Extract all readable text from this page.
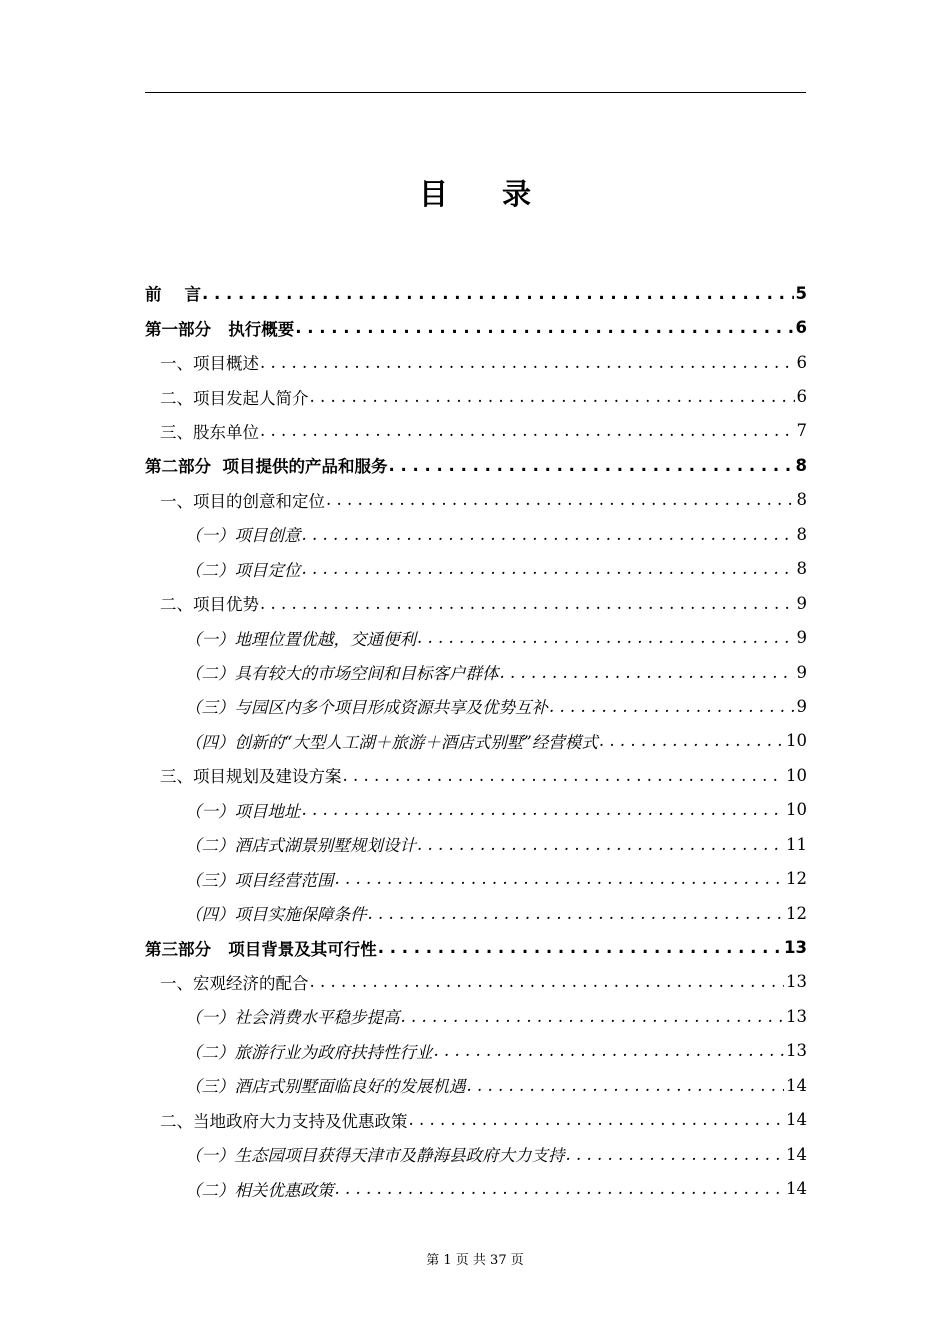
目 录
前    言 . . .	5
第一部分   执行概要 . . .	6
一、项目概述 . . .	6
二、项目发起人简介 . . .	6
三、股东单位 . . .	7
第二部分  项目提供的产品和服务 . . .	8
一、项目的创意和定位 . . .	8
（一）项目创意 . . .	8
（二）项目定位 . . .	8
二、项目优势 . . .	9
（一）地理位置优越，交通便利 . . .	9
（二）具有较大的市场空间和目标客户群体 . . .	9
（三）与园区内多个项目形成资源共享及优势互补 . . .	9
（四）创新的“大型人工湖＋旅游＋酒店式别墅”经营模式 . . .	10
三、项目规划及建设方案 . . .	10
（一）项目地址 . . .	10
（二）酒店式湖景别墅规划设计 . . .	11
（三）项目经营范围 . . .	12
（四）项目实施保障条件 . . .	12
第三部分   项目背景及其可行性 . . .	13
一、宏观经济的配合 . . .	13
（一）社会消费水平稳步提高 . . .	13
（二）旅游行业为政府扶持性行业 . . .	13
（三）酒店式别墅面临良好的发展机遇 . . .	14
二、当地政府大力支持及优惠政策 . . .	14
（一）生态园项目获得天津市及静海县政府大力支持 . . .	14
（二）相关优惠政策 . . .	14
第 1 页 共 37 页
